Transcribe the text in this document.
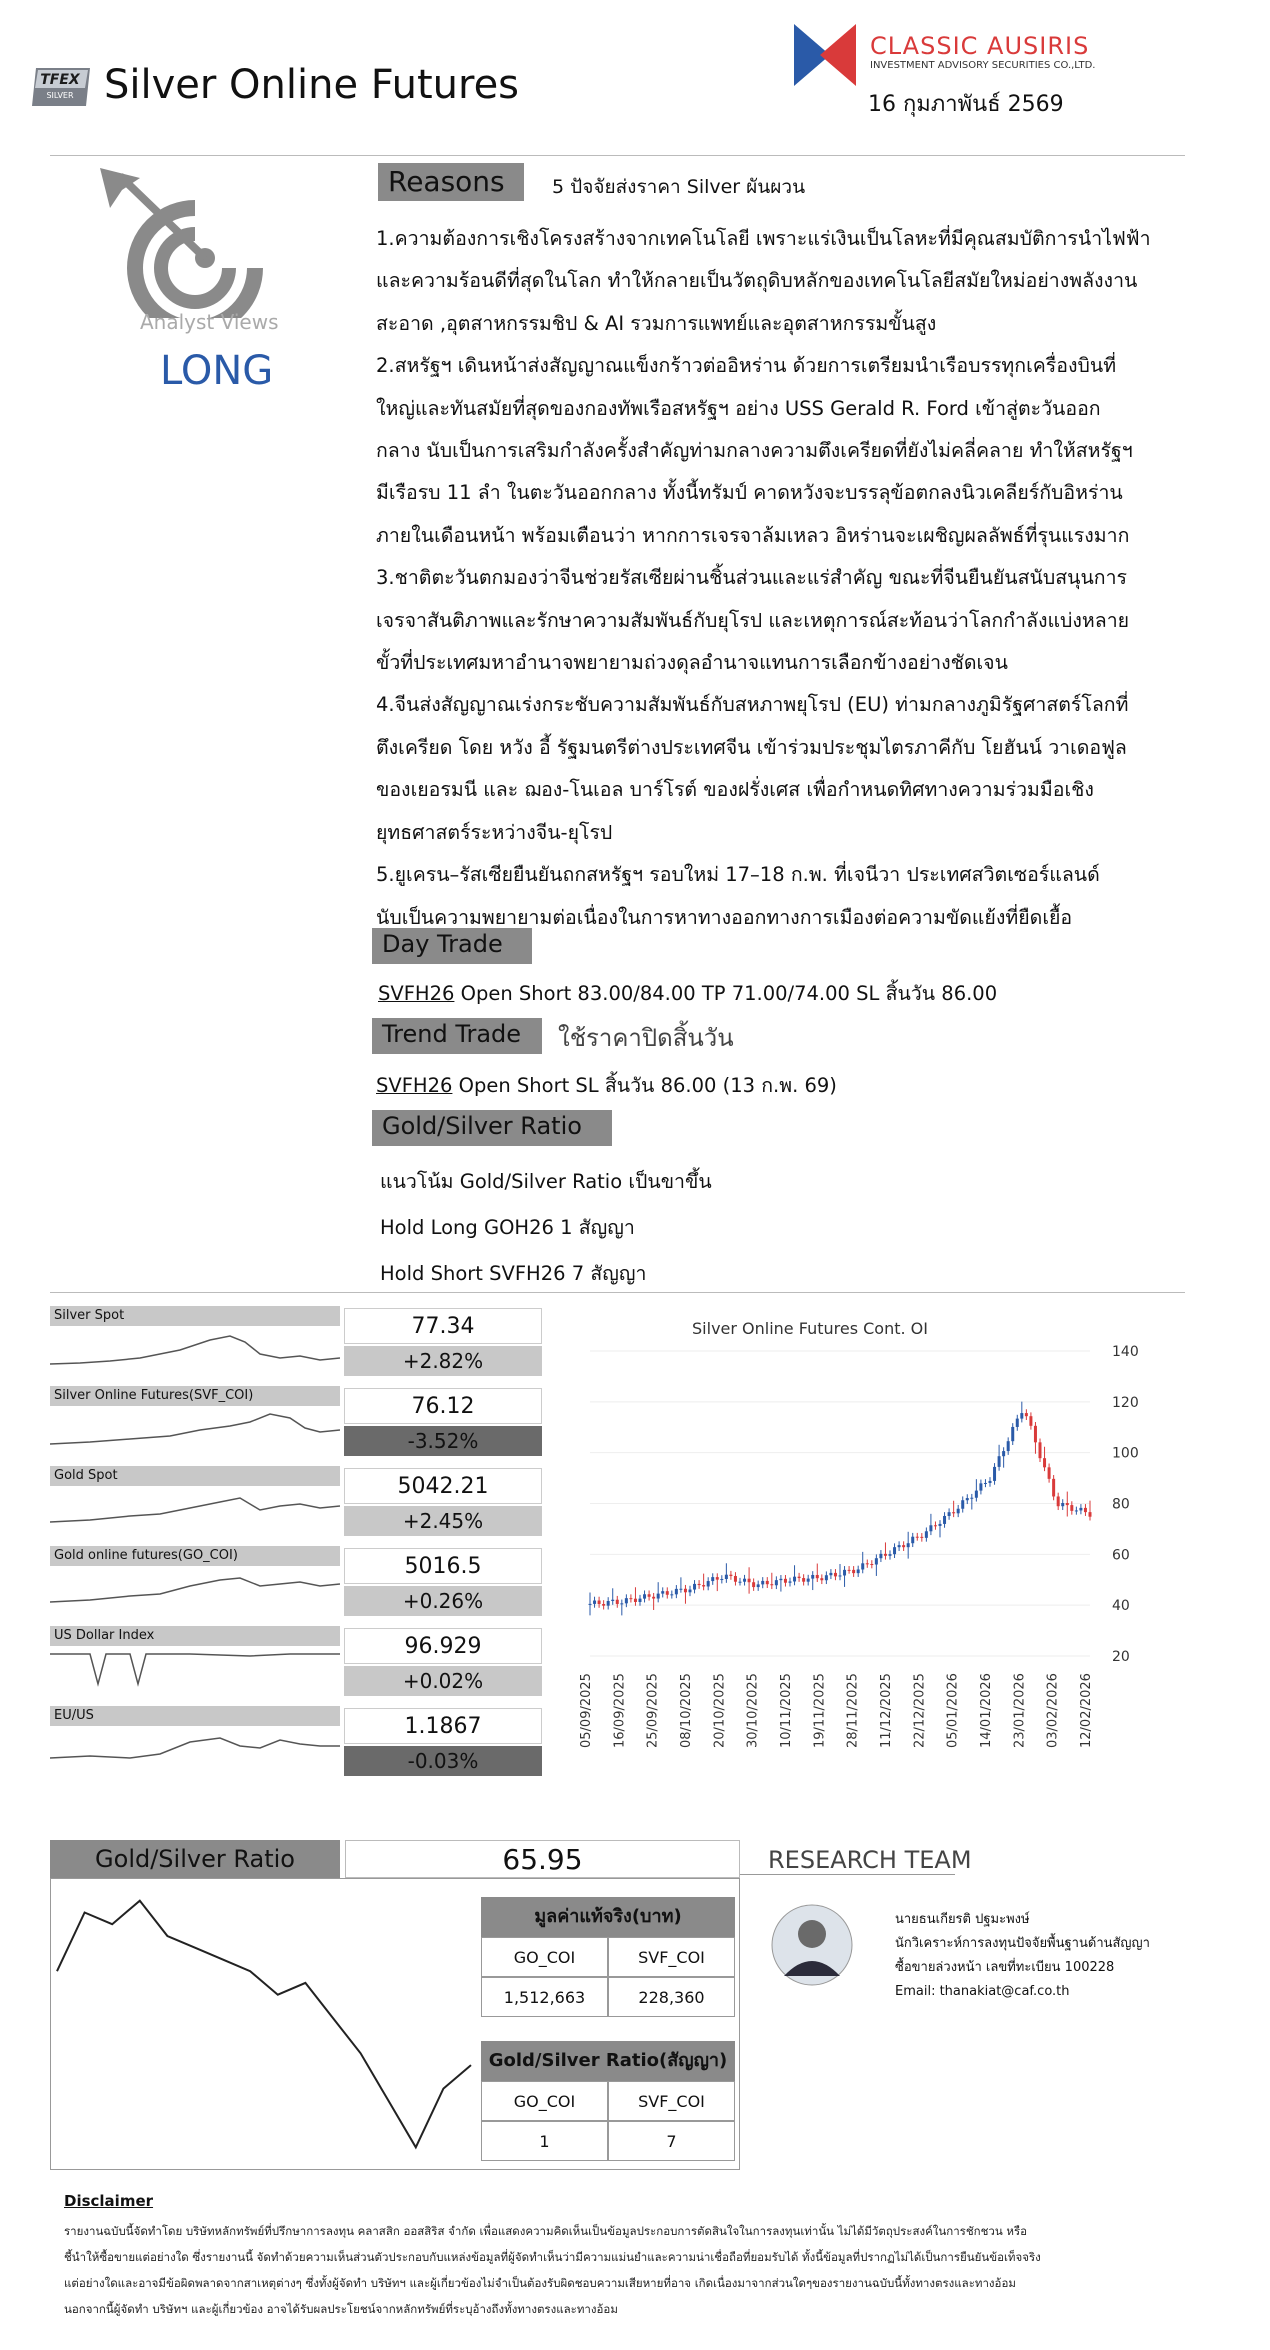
TFEX
SILVER Silver Online Futures
CLASSIC AUSIRIS
INVESTMENT ADVISORY SECURITIES CO.,LTD.
16 กุมภาพันธ์ 2569
Analyst Views
LONG
Reasons	5 ปัจจัยส่งราคา Silver ผันผวน

1.ความต้องการเชิงโครงสร้างจากเทคโนโลยี เพราะแร่เงินเป็นโลหะที่มีคุณสมบัติการนำไฟฟ้า

และความร้อนดีที่สุดในโลก ทำให้กลายเป็นวัตถุดิบหลักของเทคโนโลยีสมัยใหม่อย่างพลังงาน

สะอาด ,อุตสาหกรรมชิป & AI รวมการแพทย์และอุตสาหกรรมขั้นสูง

2.สหรัฐฯ เดินหน้าส่งสัญญาณแข็งกร้าวต่ออิหร่าน ด้วยการเตรียมนำเรือบรรทุกเครื่องบินที่

ใหญ่และทันสมัยที่สุดของกองทัพเรือสหรัฐฯ อย่าง USS Gerald R. Ford เข้าสู่ตะวันออก

กลาง นับเป็นการเสริมกำลังครั้งสำคัญท่ามกลางความตึงเครียดที่ยังไม่คลี่คลาย ทำให้สหรัฐฯ

มีเรือรบ 11 ลำ ในตะวันออกกลาง ทั้งนี้ทรัมป์ คาดหวังจะบรรลุข้อตกลงนิวเคลียร์กับอิหร่าน

ภายในเดือนหน้า พร้อมเตือนว่า หากการเจรจาล้มเหลว อิหร่านจะเผชิญผลลัพธ์ที่รุนแรงมาก

3.ชาติตะวันตกมองว่าจีนช่วยรัสเซียผ่านชิ้นส่วนและแร่สำคัญ ขณะที่จีนยืนยันสนับสนุนการ

เจรจาสันติภาพและรักษาความสัมพันธ์กับยุโรป และเหตุการณ์สะท้อนว่าโลกกำลังแบ่งหลาย

ขั้วที่ประเทศมหาอำนาจพยายามถ่วงดุลอำนาจแทนการเลือกข้างอย่างชัดเจน

4.จีนส่งสัญญาณเร่งกระชับความสัมพันธ์กับสหภาพยุโรป (EU) ท่ามกลางภูมิรัฐศาสตร์โลกที่

ตึงเครียด โดย หวัง อี้ รัฐมนตรีต่างประเทศจีน เข้าร่วมประชุมไตรภาคีกับ โยฮันน์ วาเดอฟูล

ของเยอรมนี และ ฌอง-โนเอล บาร์โรต์ ของฝรั่งเศส เพื่อกำหนดทิศทางความร่วมมือเชิง

ยุทธศาสตร์ระหว่างจีน-ยุโรป

5.ยูเครน–รัสเซียยืนยันถกสหรัฐฯ รอบใหม่ 17–18 ก.พ. ที่เจนีวา ประเทศสวิตเซอร์แลนด์

นับเป็นความพยายามต่อเนื่องในการหาทางออกทางการเมืองต่อความขัดแย้งที่ยืดเยื้อ

Day Trade
SVFH26 Open Short 83.00/84.00 TP 71.00/74.00 SL สิ้นวัน 86.00
Trend Trade	ใช้ราคาปิดสิ้นวัน
SVFH26 Open Short SL สิ้นวัน 86.00 (13 ก.พ. 69)
Gold/Silver Ratio
แนวโน้ม Gold/Silver Ratio เป็นขาขึ้น
Hold Long GOH26 1 สัญญา
Hold Short SVFH26 7 สัญญา
Silver Spot	77.34
+2.82%
Silver Online Futures(SVF_COI)	76.12
-3.52%
Gold Spot	5042.21
+2.45%
Gold online futures(GO_COI)	5016.5
+0.26%
US Dollar Index	96.929
+0.02%
EU/US	1.1867
-0.03%
Silver Online Futures Cont. OI
140
120
100
80
60
40
20
05/09/2025 16/09/2025 25/09/2025 08/10/2025 20/10/2025 30/10/2025 10/11/2025 19/11/2025 28/11/2025 11/12/2025 22/12/2025 05/01/2026 14/01/2026 23/01/2026 03/02/2026 12/02/2026
Gold/Silver Ratio	65.95	RESEARCH TEAM
มูลค่าแท้จริง(บาท)
GO_COI	SVF_COI
1,512,663	228,360
Gold/Silver Ratio(สัญญา)
GO_COI	SVF_COI
1	7
นายธนเกียรติ ปฐมะพงษ์
นักวิเคราะห์การลงทุนปัจจัยพื้นฐานด้านสัญญา
ซื้อขายล่วงหน้า เลขที่ทะเบียน 100228
Email: thanakiat@caf.co.th
Disclaimer

รายงานฉบับนี้จัดทำโดย บริษัทหลักทรัพย์ที่ปรึกษาการลงทุน คลาสสิก ออสสิริส จำกัด เพื่อแสดงความคิดเห็นเป็นข้อมูลประกอบการตัดสินใจในการลงทุนเท่านั้น ไม่ได้มีวัตถุประสงค์ในการชักชวน หรือ

ชี้นำให้ซื้อขายแต่อย่างใด ซึ่งรายงานนี้ จัดทำด้วยความเห็นส่วนตัวประกอบกับแหล่งข้อมูลที่ผู้จัดทำเห็นว่ามีความแม่นยำและความน่าเชื่อถือที่ยอมรับได้ ทั้งนี้ข้อมูลที่ปรากฏไม่ได้เป็นการยืนยันข้อเท็จจริง

แต่อย่างใดและอาจมีข้อผิดพลาดจากสาเหตุต่างๆ ซึ่งทั้งผู้จัดทำ บริษัทฯ และผู้เกี่ยวข้องไม่จำเป็นต้องรับผิดชอบความเสียหายที่อาจ เกิดเนื่องมาจากส่วนใดๆของรายงานฉบับนี้ทั้งทางตรงและทางอ้อม

นอกจากนี้ผู้จัดทำ บริษัทฯ และผู้เกี่ยวข้อง อาจได้รับผลประโยชน์จากหลักทรัพย์ที่ระบุอ้างถึงทั้งทางตรงและทางอ้อม
